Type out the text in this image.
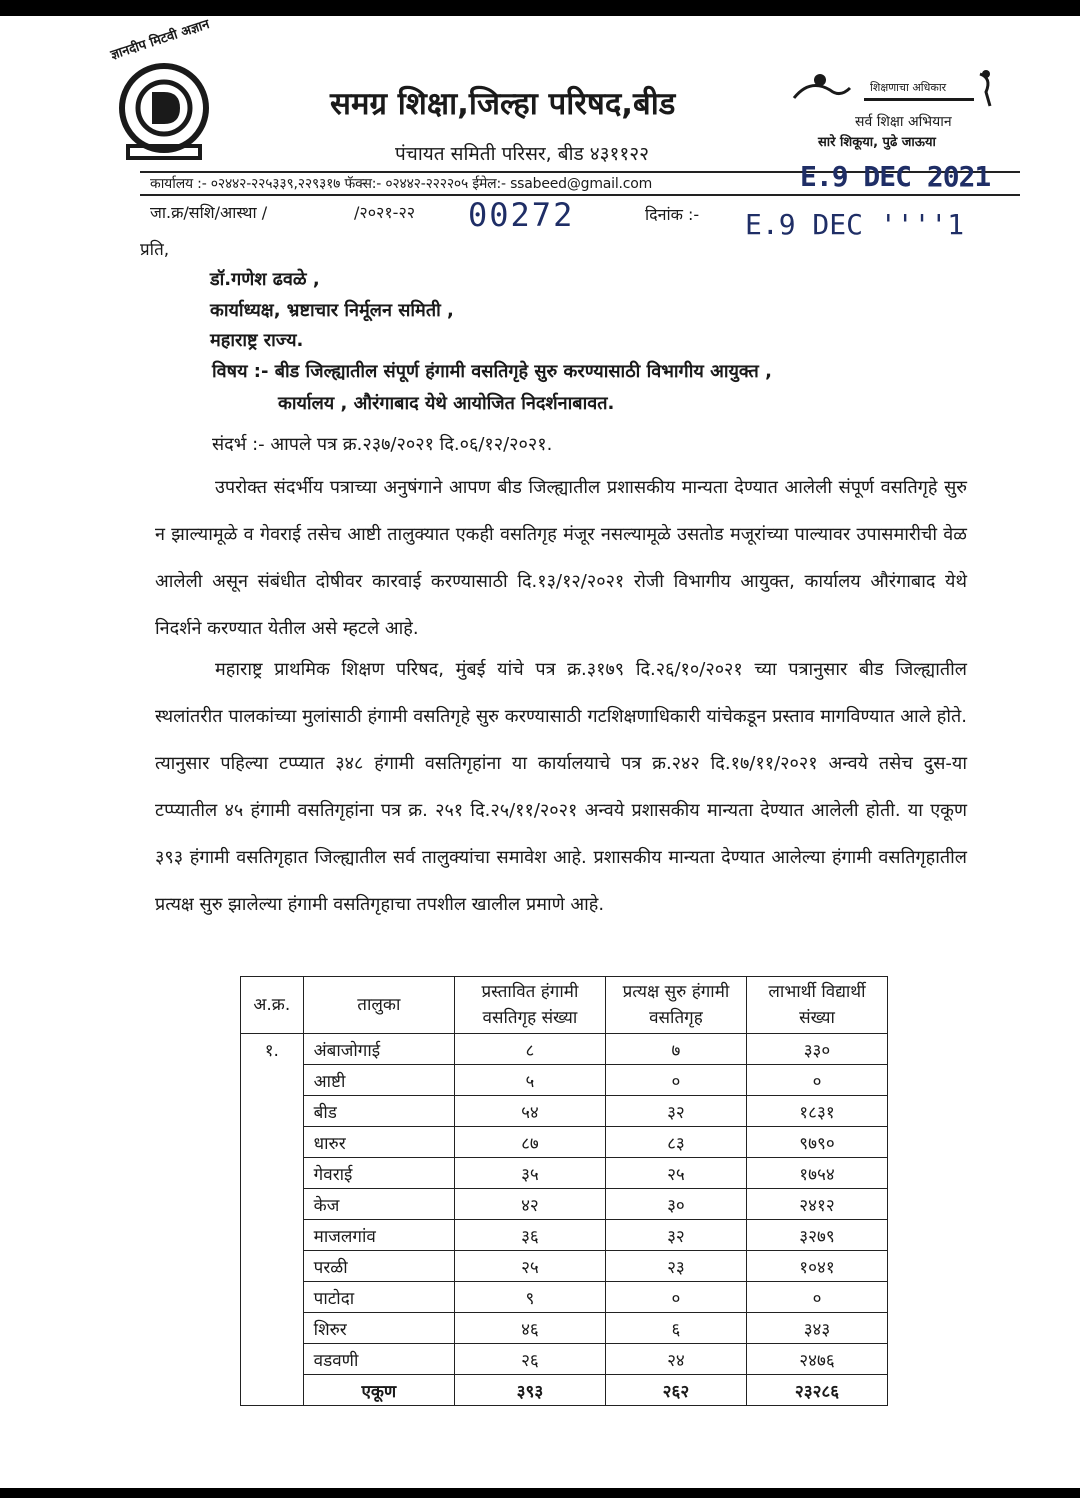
ज्ञानदीप मिटवी अज्ञान
समग्र शिक्षा,जिल्हा परिषद,बीड
पंचायत समिती परिसर, बीड ४३११२२
शिक्षणाचा अधिकार
सर्व शिक्षा अभियान
सारे शिकूया, पुढे जाऊया
कार्यालय :- ०२४४२-२२५३३९,२२९३१७ फॅक्स:- ०२४४२-२२२२०५ ईमेल:- ssabeed@gmail.com	E.9 DEC 2021
जा.क्र/सशि/आस्था /	/२०२१-२२ 00272	दिनांक :- E.9 DEC ''''1
प्रति,
डॉ.गणेश ढवळे ,
कार्याध्यक्ष, भ्रष्टाचार निर्मूलन समिती ,
महाराष्ट्र राज्य.
विषय :- बीड जिल्ह्यातील संपूर्ण हंगामी वसतिगृहे सुरु करण्यासाठी विभागीय आयुक्त ,
कार्यालय , औरंगाबाद येथे आयोजित निदर्शनाबावत.
संदर्भ :- आपले पत्र क्र.२३७/२०२१ दि.०६/१२/२०२१.

उपरोक्त संदर्भीय पत्राच्या अनुषंगाने आपण बीड जिल्ह्यातील प्रशासकीय मान्यता देण्यात आलेली संपूर्ण वसतिगृहे सुरु न झाल्यामूळे व गेवराई तसेच आष्टी तालुक्यात एकही वसतिगृह मंजूर नसल्यामूळे उसतोड मजूरांच्या पाल्यावर उपासमारीची वेळ आलेली असून संबंधीत दोषीवर कारवाई करण्यासाठी दि.१३/१२/२०२१ रोजी विभागीय आयुक्त, कार्यालय औरंगाबाद येथे निदर्शने करण्यात येतील असे म्हटले आहे.

महाराष्ट्र प्राथमिक शिक्षण परिषद, मुंबई यांचे पत्र क्र.३१७९ दि.२६/१०/२०२१ च्या पत्रानुसार बीड जिल्ह्यातील स्थलांतरीत पालकांच्या मुलांसाठी हंगामी वसतिगृहे सुरु करण्यासाठी गटशिक्षणाधिकारी यांचेकडून प्रस्ताव मागविण्यात आले होते. त्यानुसार पहिल्या टप्प्यात ३४८ हंगामी वसतिगृहांना या कार्यालयाचे पत्र क्र.२४२ दि.१७/११/२०२१ अन्वये तसेच दुस-या टप्प्यातील ४५ हंगामी वसतिगृहांना पत्र क्र. २५१ दि.२५/११/२०२१ अन्वये प्रशासकीय मान्यता देण्यात आलेली होती. या एकूण ३९३ हंगामी वसतिगृहात जिल्ह्यातील सर्व तालुक्यांचा समावेश आहे. प्रशासकीय मान्यता देण्यात आलेल्या हंगामी वसतिगृहातील प्रत्यक्ष सुरु झालेल्या हंगामी वसतिगृहाचा तपशील खालील प्रमाणे आहे.

अ.क्र.	तालुका	प्रस्तावित हंगामी वसतिगृह संख्या	प्रत्यक्ष सुरु हंगामी वसतिगृह	लाभार्थी विद्यार्थी संख्या
१.	अंबाजोगाई	८	७	३३०
	आष्टी	५	०	०
	बीड	५४	३२	१८३१
	धारुर	८७	८३	९७९०
	गेवराई	३५	२५	१७५४
	केज	४२	३०	२४१२
	माजलगांव	३६	३२	३२७९
	परळी	२५	२३	१०४१
	पाटोदा	९	०	०
	शिरुर	४६	६	३४३
	वडवणी	२६	२४	२४७६
	एकूण	३९३	२६२	२३२८६
